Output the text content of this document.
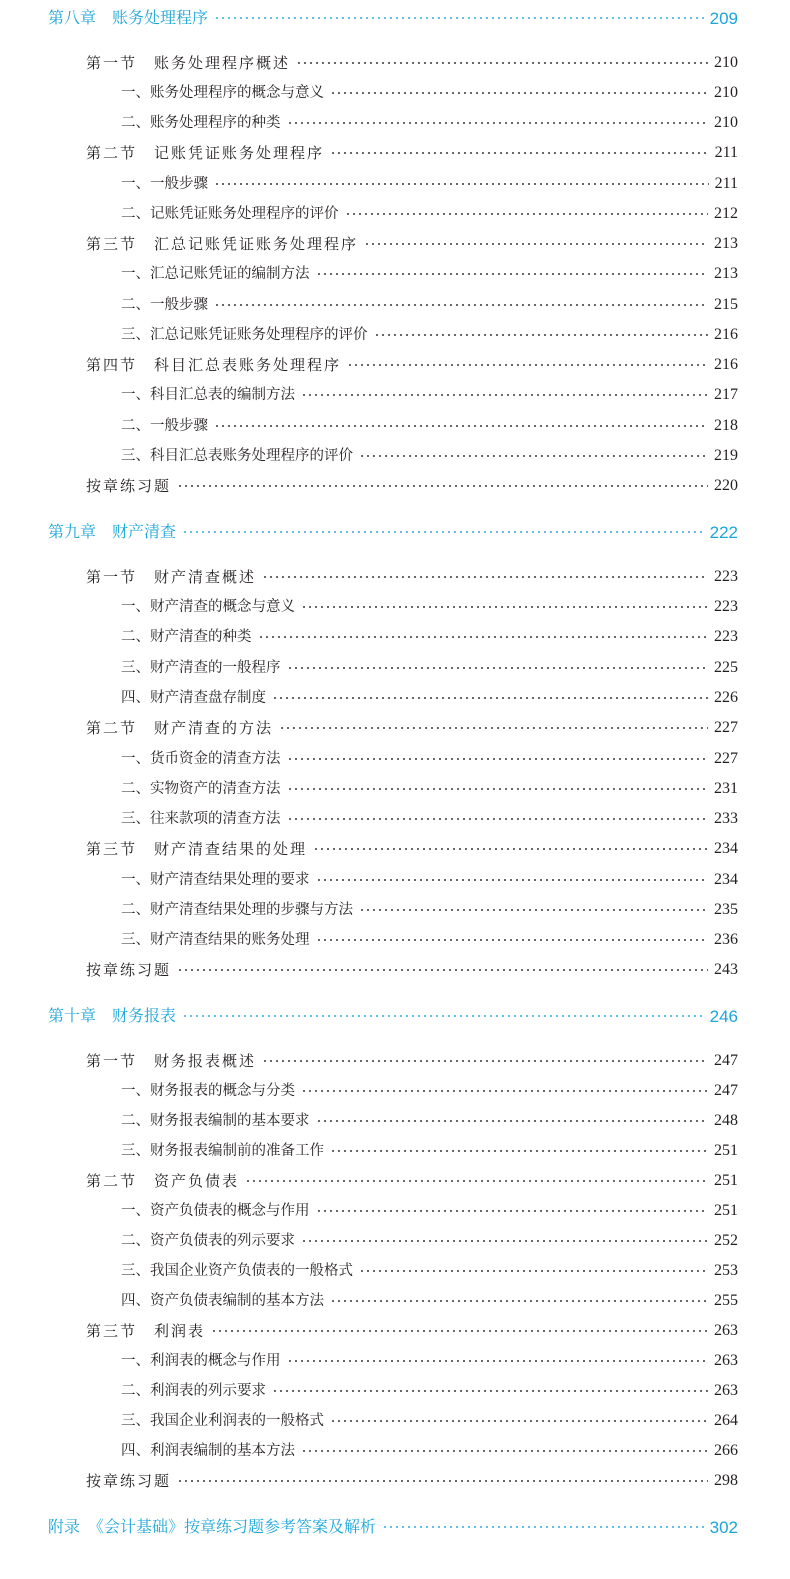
第八章　账务处理程序	209
第一节　账务处理程序概述	210
一、账务处理程序的概念与意义	210
二、账务处理程序的种类	210
第二节　记账凭证账务处理程序	211
一、一般步骤	211
二、记账凭证账务处理程序的评价	212
第三节　汇总记账凭证账务处理程序	213
一、汇总记账凭证的编制方法	213
二、一般步骤	215
三、汇总记账凭证账务处理程序的评价	216
第四节　科目汇总表账务处理程序	216
一、科目汇总表的编制方法	217
二、一般步骤	218
三、科目汇总表账务处理程序的评价	219
按章练习题	220
第九章　财产清查	222
第一节　财产清查概述	223
一、财产清查的概念与意义	223
二、财产清查的种类	223
三、财产清查的一般程序	225
四、财产清查盘存制度	226
第二节　财产清查的方法	227
一、货币资金的清查方法	227
二、实物资产的清查方法	231
三、往来款项的清查方法	233
第三节　财产清查结果的处理	234
一、财产清查结果处理的要求	234
二、财产清查结果处理的步骤与方法	235
三、财产清查结果的账务处理	236
按章练习题	243
第十章　财务报表	246
第一节　财务报表概述	247
一、财务报表的概念与分类	247
二、财务报表编制的基本要求	248
三、财务报表编制前的准备工作	251
第二节　资产负债表	251
一、资产负债表的概念与作用	251
二、资产负债表的列示要求	252
三、我国企业资产负债表的一般格式	253
四、资产负债表编制的基本方法	255
第三节　利润表	263
一、利润表的概念与作用	263
二、利润表的列示要求	263
三、我国企业利润表的一般格式	264
四、利润表编制的基本方法	266
按章练习题	298
附录　《会计基础》按章练习题参考答案及解析	302
